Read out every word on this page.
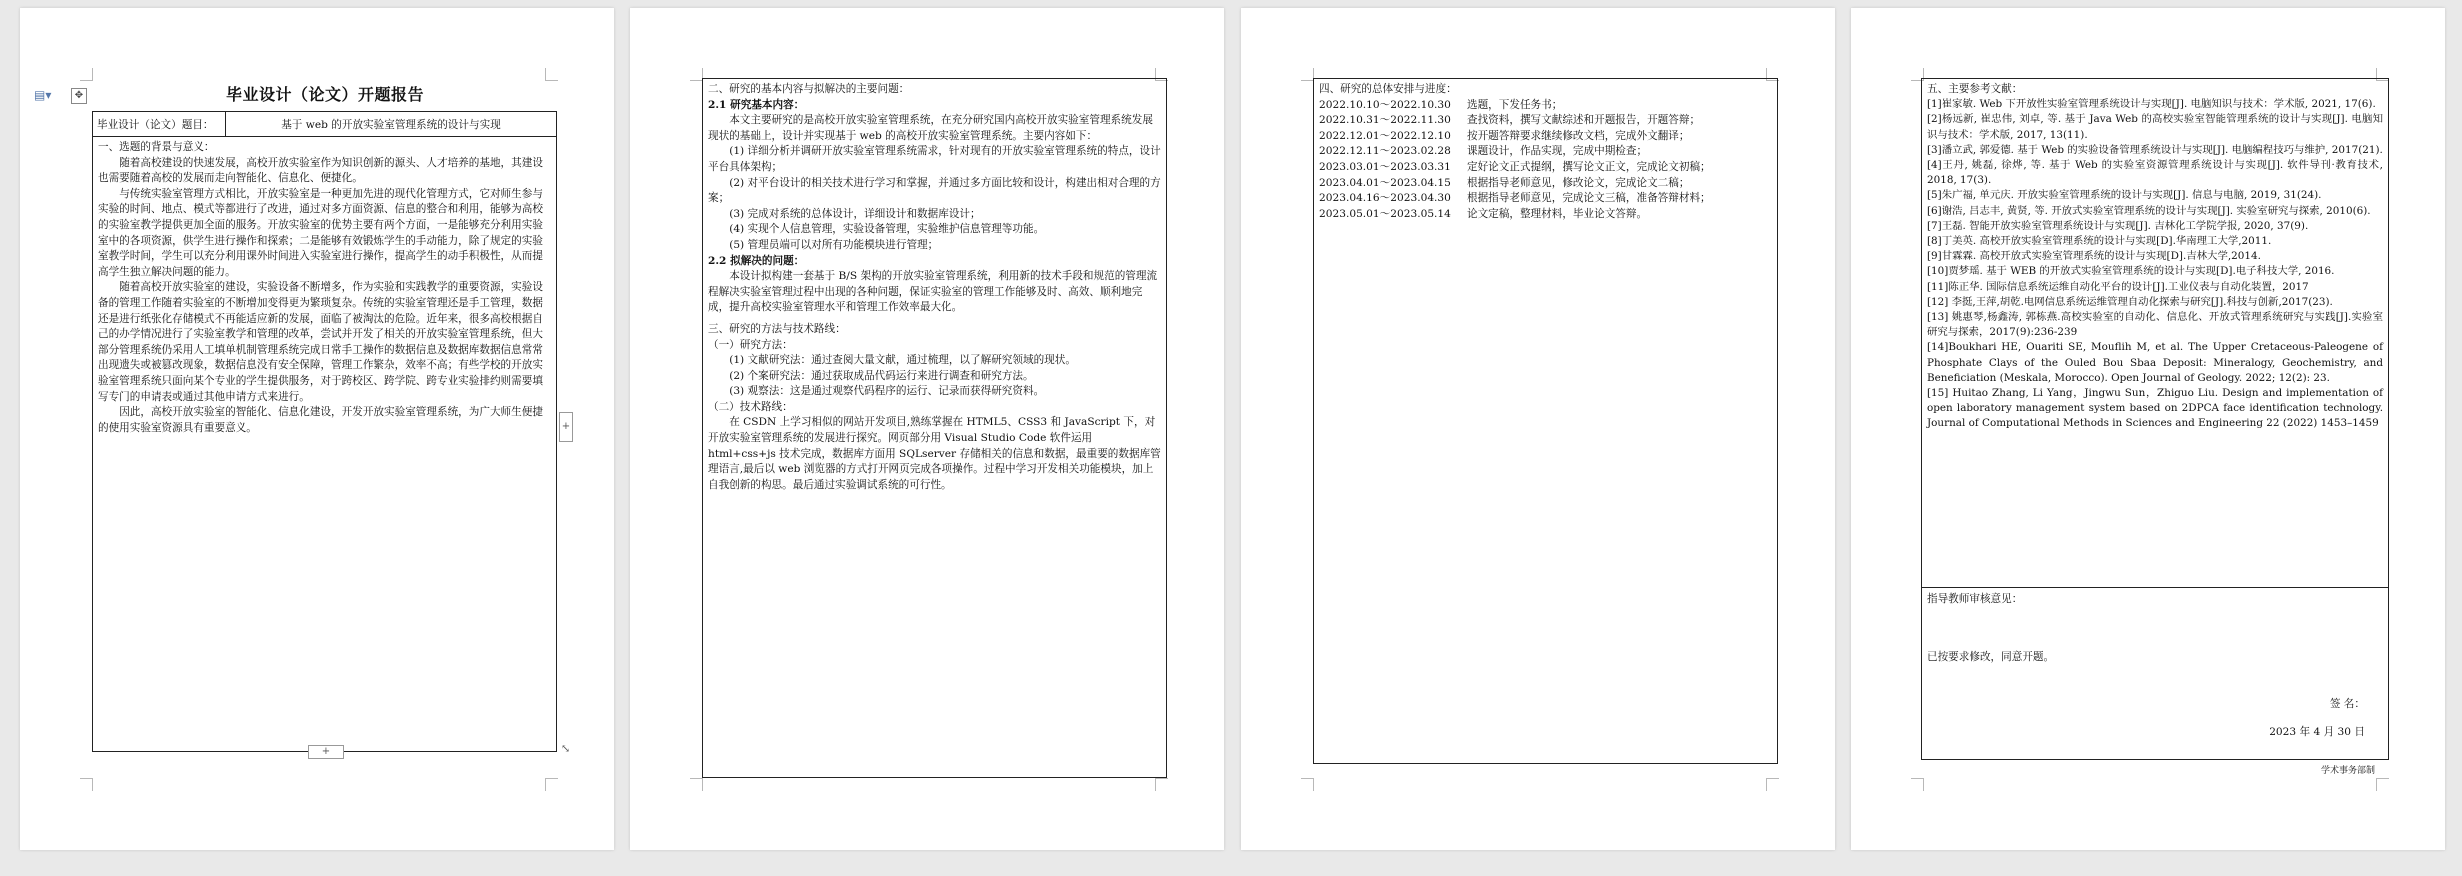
▤▾	✥	毕业设计（论文）开题报告
毕业设计（论文）题目：	基于 web 的开放实验室管理系统的设计与实现

一、选题的背景与意义：

随着高校建设的快速发展，高校开放实验室作为知识创新的源头、人才培养的基地，其建设也需要随着高校的发展而走向智能化、信息化、便捷化。

与传统实验室管理方式相比，开放实验室是一种更加先进的现代化管理方式，它对师生参与实验的时间、地点、模式等都进行了改进，通过对多方面资源、信息的整合和利用，能够为高校的实验室教学提供更加全面的服务。开放实验室的优势主要有两个方面，一是能够充分利用实验室中的各项资源，供学生进行操作和探索；二是能够有效锻炼学生的手动能力，除了规定的实验室教学时间，学生可以充分利用课外时间进入实验室进行操作，提高学生的动手积极性，从而提高学生独立解决问题的能力。

随着高校开放实验室的建设，实验设备不断增多，作为实验和实践教学的重要资源，实验设备的管理工作随着实验室的不断增加变得更为繁琐复杂。传统的实验室管理还是手工管理，数据还是进行纸张化存储模式不再能适应新的发展，面临了被淘汰的危险。近年来，很多高校根据自己的办学情况进行了实验室教学和管理的改革，尝试并开发了相关的开放实验室管理系统，但大部分管理系统仍采用人工填单机制管理系统完成日常手工操作的数据信息及数据库数据信息常常出现遗失或被篡改现象，数据信息没有安全保障，管理工作繁杂，效率不高；有些学校的开放实验室管理系统只面向某个专业的学生提供服务，对于跨校区、跨学院、跨专业实验排约则需要填写专门的申请表或通过其他申请方式来进行。

因此，高校开放实验室的智能化、信息化建设，开发开放实验室管理系统，为广大师生便捷的使用实验室资源具有重要意义。	+
+	⤡

二、研究的基本内容与拟解决的主要问题：

2.1 研究基本内容：

本文主要研究的是高校开放实验室管理系统，在充分研究国内高校开放实验室管理系统发展现状的基础上，设计并实现基于 web 的高校开放实验室管理系统。主要内容如下：

(1) 详细分析并调研开放实验室管理系统需求，针对现有的开放实验室管理系统的特点，设计平台具体架构；

(2) 对平台设计的相关技术进行学习和掌握，并通过多方面比较和设计，构建出相对合理的方案；

(3) 完成对系统的总体设计，详细设计和数据库设计；

(4) 实现个人信息管理，实验设备管理，实验维护信息管理等功能。

(5) 管理员端可以对所有功能模块进行管理；

2.2 拟解决的问题：

本设计拟构建一套基于 B/S 架构的开放实验室管理系统，利用新的技术手段和规范的管理流程解决实验室管理过程中出现的各种问题，保证实验室的管理工作能够及时、高效、顺利地完成，提升高校实验室管理水平和管理工作效率最大化。

三、研究的方法与技术路线：

（一）研究方法：

(1) 文献研究法：通过查阅大量文献，通过梳理，以了解研究领域的现状。

(2) 个案研究法：通过获取成品代码运行来进行调查和研究方法。

(3) 观察法：这是通过观察代码程序的运行、记录而获得研究资料。

（二）技术路线：

在 CSDN 上学习相似的网站开发项目,熟练掌握在 HTML5、CSS3 和 JavaScript 下，对开放实验室管理系统的发展进行探究。网页部分用 Visual Studio Code 软件运用 html+css+js 技术完成，数据库方面用 SQLserver 存储相关的信息和数据，最重要的数据库管理语言,最后以 web 浏览器的方式打开网页完成各项操作。过程中学习开发相关功能模块，加上自我创新的构思。最后通过实验调试系统的可行性。

四、研究的总体安排与进度：

2022.10.10～2022.10.30 选题，下发任务书；
2022.10.31～2022.11.30 查找资料，撰写文献综述和开题报告，开题答辩；
2022.12.01～2022.12.10 按开题答辩要求继续修改文档，完成外文翻译；
2022.12.11～2023.02.28 课题设计，作品实现，完成中期检查；
2023.03.01～2023.03.31 定好论文正式提纲，撰写论文正文，完成论文初稿；
2023.04.01～2023.04.15 根据指导老师意见，修改论文，完成论文二稿；
2023.04.16～2023.04.30 根据指导老师意见，完成论文三稿，准备答辩材料；
2023.05.01～2023.05.14 论文定稿，整理材料，毕业论文答辩。

五、主要参考文献：

[1]崔家敏. Web 下开放性实验室管理系统设计与实现[J]. 电脑知识与技术：学术版, 2021, 17(6).

[2]杨远新, 崔忠伟, 刘卓, 等. 基于 Java Web 的高校实验室智能管理系统的设计与实现[J]. 电脑知识与技术：学术版, 2017, 13(11).

[3]潘立武, 郭爱德. 基于 Web 的实验设备管理系统设计与实现[J]. 电脑编程技巧与维护, 2017(21).

[4]王丹, 姚磊, 徐烨, 等. 基于 Web 的实验室资源管理系统设计与实现[J]. 软件导刊·教育技术, 2018, 17(3).

[5]朱广福, 单元庆. 开放实验室管理系统的设计与实现[J]. 信息与电脑, 2019, 31(24).

[6]谢浩, 吕志丰, 黄贤, 等. 开放式实验室管理系统的设计与实现[J]. 实验室研究与探索, 2010(6).

[7]王磊. 智能开放实验室管理系统设计与实现[J]. 吉林化工学院学报, 2020, 37(9).

[8]丁美英. 高校开放实验室管理系统的设计与实现[D].华南理工大学,2011.

[9]甘霖霖. 高校开放式实验室管理系统的设计与实现[D].吉林大学,2014.

[10]贾梦瑶. 基于 WEB 的开放式实验室管理系统的设计与实现[D].电子科技大学, 2016.

[11]陈正华. 国际信息系统运维自动化平台的设计[J].工业仪表与自动化装置，2017

[12] 李挺,王萍,胡乾.电网信息系统运维管理自动化探索与研究[J].科技与创新,2017(23).

[13] 姚惠琴,杨鑫涛, 郭栋燕.高校实验室的自动化、信息化、开放式管理系统研究与实践[J].实验室研究与探索，2017(9):236-239

[14]Boukhari HE, Ouariti SE, Mouflih M, et al. The Upper Cretaceous-Paleogene of Phosphate Clays of the Ouled Bou Sbaa Deposit: Mineralogy, Geochemistry, and Beneficiation (Meskala, Morocco). Open Journal of Geology. 2022; 12(2): 23.

[15] Huitao Zhang, Li Yang，Jingwu Sun，Zhiguo Liu. Design and implementation of open laboratory management system based on 2DPCA face identification technology. Journal of Computational Methods in Sciences and Engineering 22 (2022) 1453–1459

指导教师审核意见：

已按要求修改，同意开题。

签 名：

2023 年 4 月 30 日

学术事务部制
